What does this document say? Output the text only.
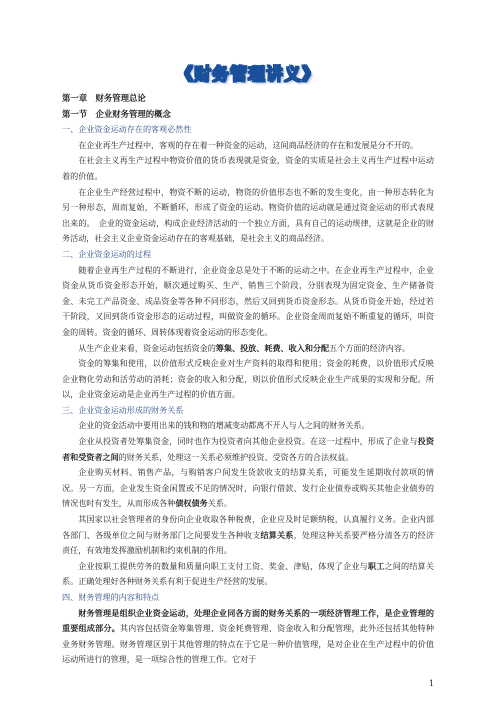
《财务管理讲义》
第一章　财务管理总论
第一节　企业财务管理的概念
一、企业资金运动存在的客观必然性

在企业再生产过程中，客观的存在着一种资金的运动，这间商品经济的存在和发展是分不开的。

在社会主义再生产过程中物资价值的货币表现就是资金，资金的实质是社会主义再生产过程中运动着的价值。

在企业生产经营过程中，物资不断的运动，物资的价值形态也不断的发生变化，由一种形态转化为另一种形态，周而复始，不断循环，形成了资金的运动。物资价值的运动就是通过资金运动的形式表现出来的。　企业的资金运动，构成企业经济活动的一个独立方面，具有自己的运动规律，这就是企业的财务活动，社会主义企业资金运动存在的客观基础，是社会主义的商品经济。

二、企业资金运动的过程

随着企业再生产过程的不断进行，企业资金总是处于不断的运动之中。在企业再生产过程中，企业资金从货币资金形态开始，顺次通过购买、生产、销售三个阶段，分别表现为固定资金、生产储备资金、未完工产品资金、成品资金等各种不同形态，然后又回到货币资金形态。从货币资金开始，经过若干阶段，又回到货币资金形态的运动过程，叫做资金的循环。企业资金周而复始不断重复的循环，叫资金的周转。资金的循环、周转体现着资金运动的形态变化。

从生产企业来看，资金运动包括资金的筹集、投放、耗费、收入和分配五个方面的经济内容。

资金的筹集和使用，以价值形式反映企业对生产资料的取得和使用；资金的耗费，以价值形式反映企业物化劳动和活劳动的消耗；资金的收入和分配，则以价值形式反映企业生产成果的实现和分配。所以，企业资金运动是企业再生产过程的价值方面。

三、企业资金运动形成的财务关系

企业的资金活动中要用出来的钱和物的增减变动都离不开人与人之间的财务关系。

企业从投资者处筹集资金，同时也作为投资者向其他企业投资。在这一过程中，形成了企业与投资者和受资者之间的财务关系，处理这一关系必须维护投资、受资各方的合法权益。

企业购买材料、销售产品，与购销客户间发生货款收支的结算关系，可能发生延期收付款项的情况。另一方面，企业发生资金闲置或不足的情况时，向银行借款、发行企业债券或购买其他企业债券的情况也时有发生，从而形成各种债权债务关系。

其国家以社会管理者的身份向企业收取各种税费，企业应及时足额纳税，认真履行义务。企业内部各部门、各级单位之间与财务部门之间要发生各种收支结算关系，处理这种关系要严格分清各方的经济责任，有效地发挥激励机制和约束机制的作用。

企业按职工提供劳务的数量和质量向职工支付工资、奖金、津贴，体现了企业与职工之间的结算关系。正确处理好各种财务关系有利于促进生产经营的发展。

四、财务管理的内容和特点

财务管理是组织企业资金运动，处理企业同各方面的财务关系的一项经济管理工作，是企业管理的重要组成部分。其内容包括资金筹集管理、资金耗费管理、资金收入和分配管理，此外还包括其他特种业务财务管理。财务管理区别于其他管理的特点在于它是一种价值管理，是对企业在生产过程中的价值运动所进行的管理，是一项综合性的管理工作。它对于

1
